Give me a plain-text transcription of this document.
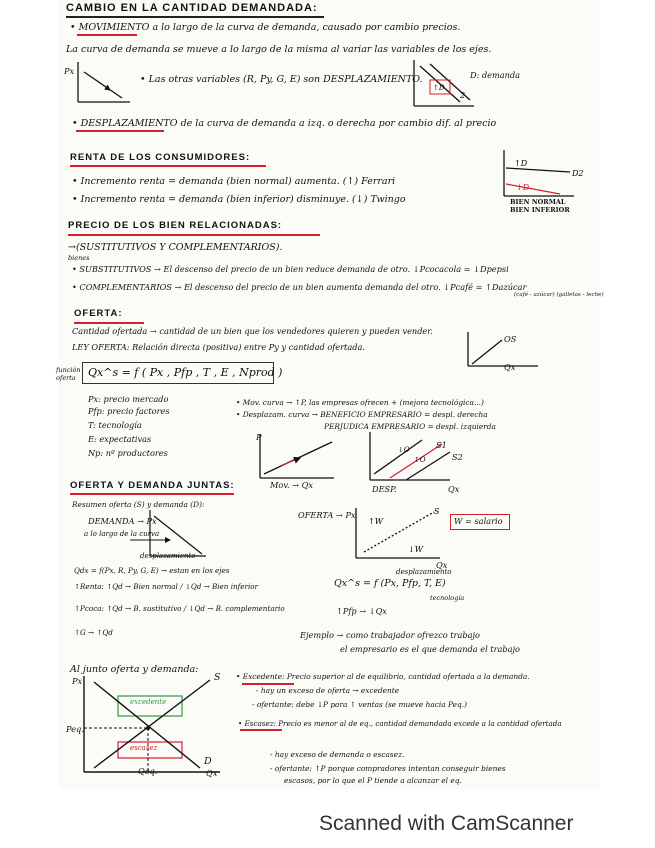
CAMBIO EN LA CANTIDAD DEMANDADA:
• MOVIMIENTO a lo largo de la curva de demanda, causado por cambio precios.
La curva de demanda se mueve a lo largo de la misma al variar las variables de los ejes.
• Las otras variables (R, Py, G, E) son DESPLAZAMIENTO.	D: demanda
• DESPLAZAMIENTO de la curva de demanda a izq. o derecha por cambio dif. al precio
Px
↑D
2
RENTA DE LOS CONSUMIDORES:
• Incremento renta = demanda (bien normal) aumenta. (↑) Ferrari
• Incremento renta = demanda (bien inferior) disminuye. (↓) Twingo
↑D
↓D
D2
BIEN NORMAL
BIEN INFERIOR
PRECIO DE LOS BIEN RELACIONADAS:
→(SUSTITUTIVOS Y COMPLEMENTARIOS).
bienes
• SUBSTITUTIVOS → El descenso del precio de un bien reduce demanda de otro. ↓Pcocacola = ↓Dpepsi
• COMPLEMENTARIOS → El descenso del precio de un bien aumenta demanda del otro. ↓Pcafé = ↑Dazúcar
(café - azúcar) (galletas - leche)
OFERTA:
Cantidad ofertada → cantidad de un bien que los vendedores quieren y pueden vender.
LEY OFERTA: Relación directa (positiva) entre Py y cantidad ofertada.
OS
Qx
función oferta	Qx^s = f ( Px , Pfp , T , E , Nprod )
Px: precio mercado
Pfp: precio factores
T: tecnología
E: expectativas
Np: nº productores
• Mov. curva → ↑P, las empresas ofrecen + (mejora tecnológica...)
• Desplazam. curva → BENEFICIO EMPRESARIO = despl. derecha
PERJUDICA EMPRESARIO = despl. izquierda
P
Mov. → Qx
↓O
↑O
S1
S2
DESP.	Qx
OFERTA Y DEMANDA JUNTAS:
Resumen oferta (S) y demanda (D):
DEMANDA → Px
a lo largo de la curva
desplazamiento
Qdx = f(Px, R, Py, G, E) → estan en los ejes
↑Renta: ↑Qd → Bien normal / ↓Qd → Bien inferior
↑Pcoca: ↑Qd → B. sustitutivo / ↓Qd → B. complementario
↑G → ↑Qd
OFERTA → Px
W = salario
↑W
↓W
S
Qx
desplazamiento
Qx^s = f (Px, Pfp, T, E)
tecnología
↑Pfp → ↓Qx
Ejemplo → como trabajador ofrezco trabajo
el empresario es el que demanda el trabajo
Al junto oferta y demanda:
Px
Peq.
Qeq.	Qx
S
D
excedente
escasez
• Excedente: Precio superior al de equilibrio, cantidad ofertada a la demanda.
- hay un exceso de oferta → excedente
- ofertante: debe ↓P para ↑ ventas (se mueve hacia Peq.)
• Escasez: Precio es menor al de eq., cantidad demandada excede a la cantidad ofertada
- hay exceso de demanda o escasez.
- ofertante: ↑P porque compradores intentan conseguir bienes
escasos, por lo que el P tiende a alcanzar el eq.
Scanned with CamScanner
